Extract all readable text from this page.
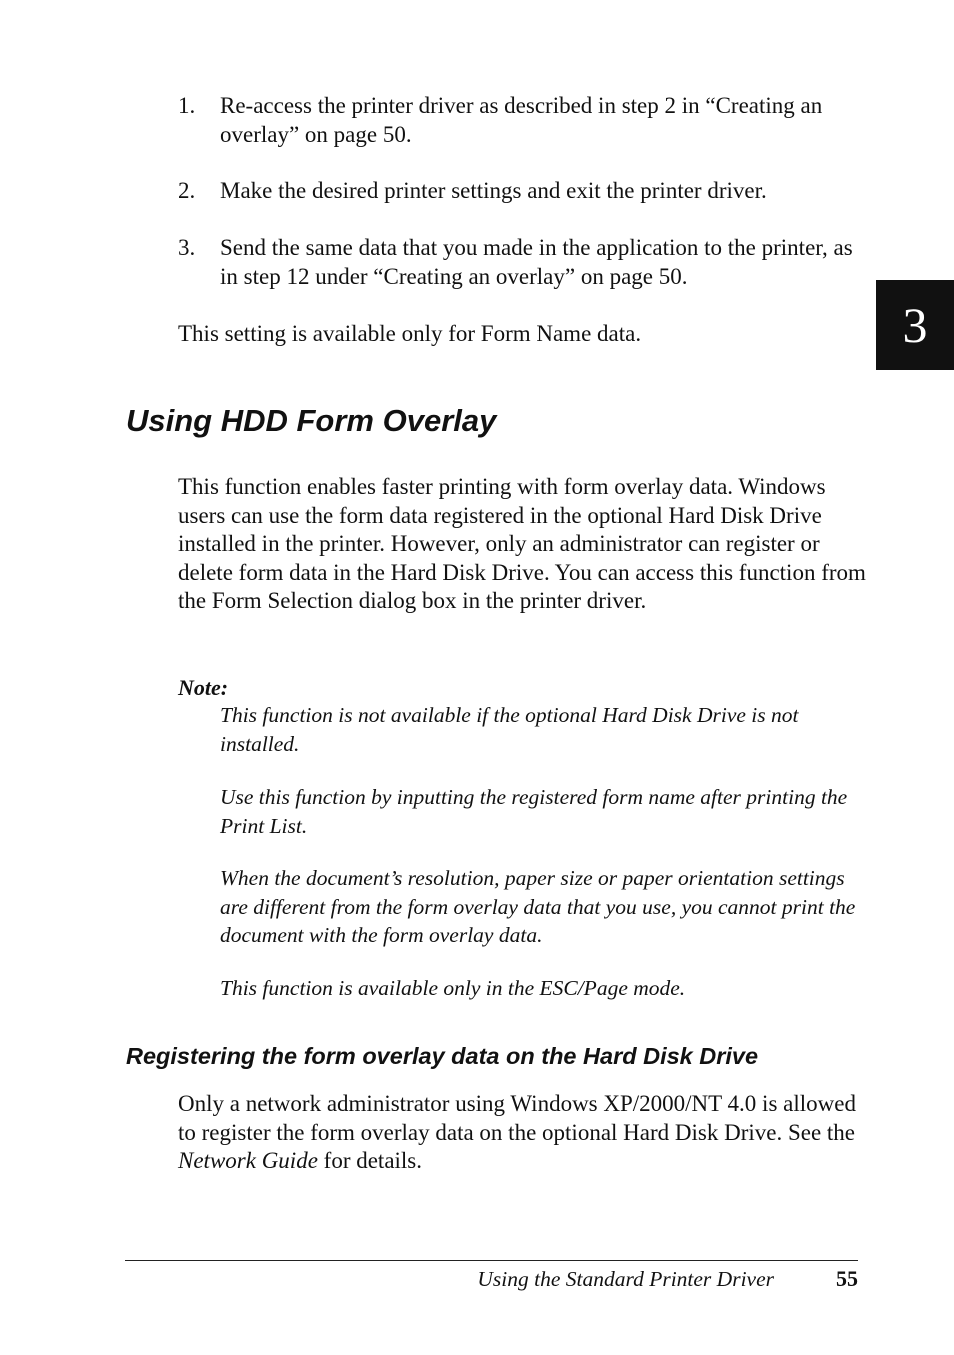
1. Re-access the printer driver as described in step 2 in “Creating an overlay” on page 50.
2. Make the desired printer settings and exit the printer driver.
3. Send the same data that you made in the application to the printer, as in step 12 under “Creating an overlay” on page 50.
This setting is available only for Form Name data.	3
Using HDD Form Overlay
This function enables faster printing with form overlay data. Windows users can use the form data registered in the optional Hard Disk Drive installed in the printer. However, only an administrator can register or delete form data in the Hard Disk Drive. You can access this function from the Form Selection dialog box in the printer driver.
Note:
This function is not available if the optional Hard Disk Drive is not installed.
Use this function by inputting the registered form name after printing the Print List.
When the document’s resolution, paper size or paper orientation settings are different from the form overlay data that you use, you cannot print the document with the form overlay data.
This function is available only in the ESC/Page mode.
Registering the form overlay data on the Hard Disk Drive
Only a network administrator using Windows XP/2000/NT 4.0 is allowed to register the form overlay data on the optional Hard Disk Drive. See the Network Guide for details.
Using the Standard Printer Driver	55
